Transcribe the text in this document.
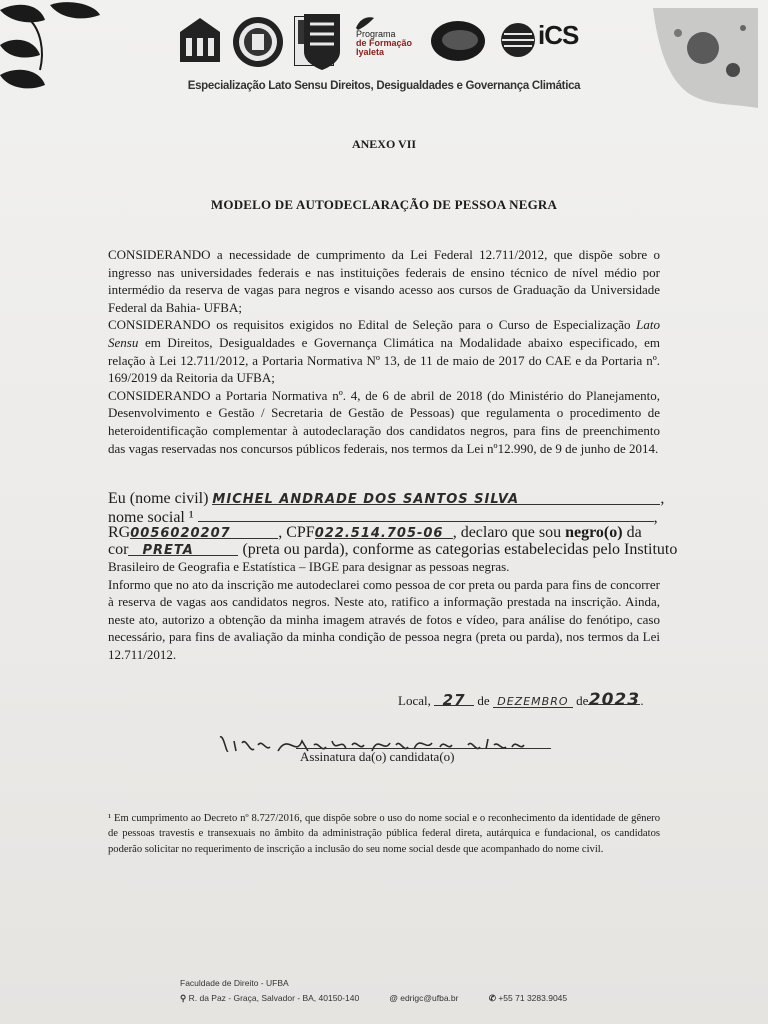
Programa
de Formação
Iyaleta
iCS
Especialização Lato Sensu Direitos, Desigualdades e Governança Climática
ANEXO VII
MODELO DE AUTODECLARAÇÃO DE PESSOA NEGRA

CONSIDERANDO a necessidade de cumprimento da Lei Federal 12.711/2012, que dispõe sobre o ingresso nas universidades federais e nas instituições federais de ensino técnico de nível médio por intermédio da reserva de vagas para negros e visando acesso aos cursos de Graduação da Universidade Federal da Bahia- UFBA;

CONSIDERANDO os requisitos exigidos no Edital de Seleção para o Curso de Especialização Lato Sensu em Direitos, Desigualdades e Governança Climática na Modalidade abaixo especificado, em relação à Lei 12.711/2012, a Portaria Normativa Nº 13, de 11 de maio de 2017 do CAE e da Portaria nº. 169/2019 da Reitoria da UFBA;

CONSIDERANDO a Portaria Normativa nº. 4, de 6 de abril de 2018 (do Ministério do Planejamento, Desenvolvimento e Gestão / Secretaria de Gestão de Pessoas) que regulamenta o procedimento de heteroidentificação complementar à autodeclaração dos candidatos negros, para fins de preenchimento das vagas reservadas nos concursos públicos federais, nos termos da Lei nº12.990, de 9 de junho de 2014.

Eu (nome civil) MICHEL ANDRADE DOS SANTOS SILVA	,
nome social ¹	,
RG0056020207	, CPF022.514.705-06 , declaro que sou negro(o) da
cor PRETA	(preta ou parda), conforme as categorias estabelecidas pelo Instituto
Brasileiro de Geografia e Estatística – IBGE para designar as pessoas negras.
Informo que no ato da inscrição me autodeclarei como pessoa de cor preta ou parda para fins de concorrer à reserva de vagas aos candidatos negros. Neste ato, ratifico a informação prestada na inscrição. Ainda, neste ato, autorizo a obtenção da minha imagem através de fotos e vídeo, para análise do fenótipo, caso necessário, para fins de avaliação da minha condição de pessoa negra (preta ou parda), nos termos da Lei 12.711/2012.
Local, 27 de DEZEMBRO de2023.
Assinatura da(o) candidata(o)
¹ Em cumprimento ao Decreto nº 8.727/2016, que dispõe sobre o uso do nome social e o reconhecimento da identidade de gênero de pessoas travestis e transexuais no âmbito da administração pública federal direta, autárquica e fundacional, os candidatos poderão solicitar no requerimento de inscrição a inclusão do seu nome social desde que acompanhado do nome civil.
Faculdade de Direito - UFBA
⚲ R. da Paz - Graça, Salvador - BA, 40150-140	@ edrigc@ufba.br	✆ +55 71 3283.9045
